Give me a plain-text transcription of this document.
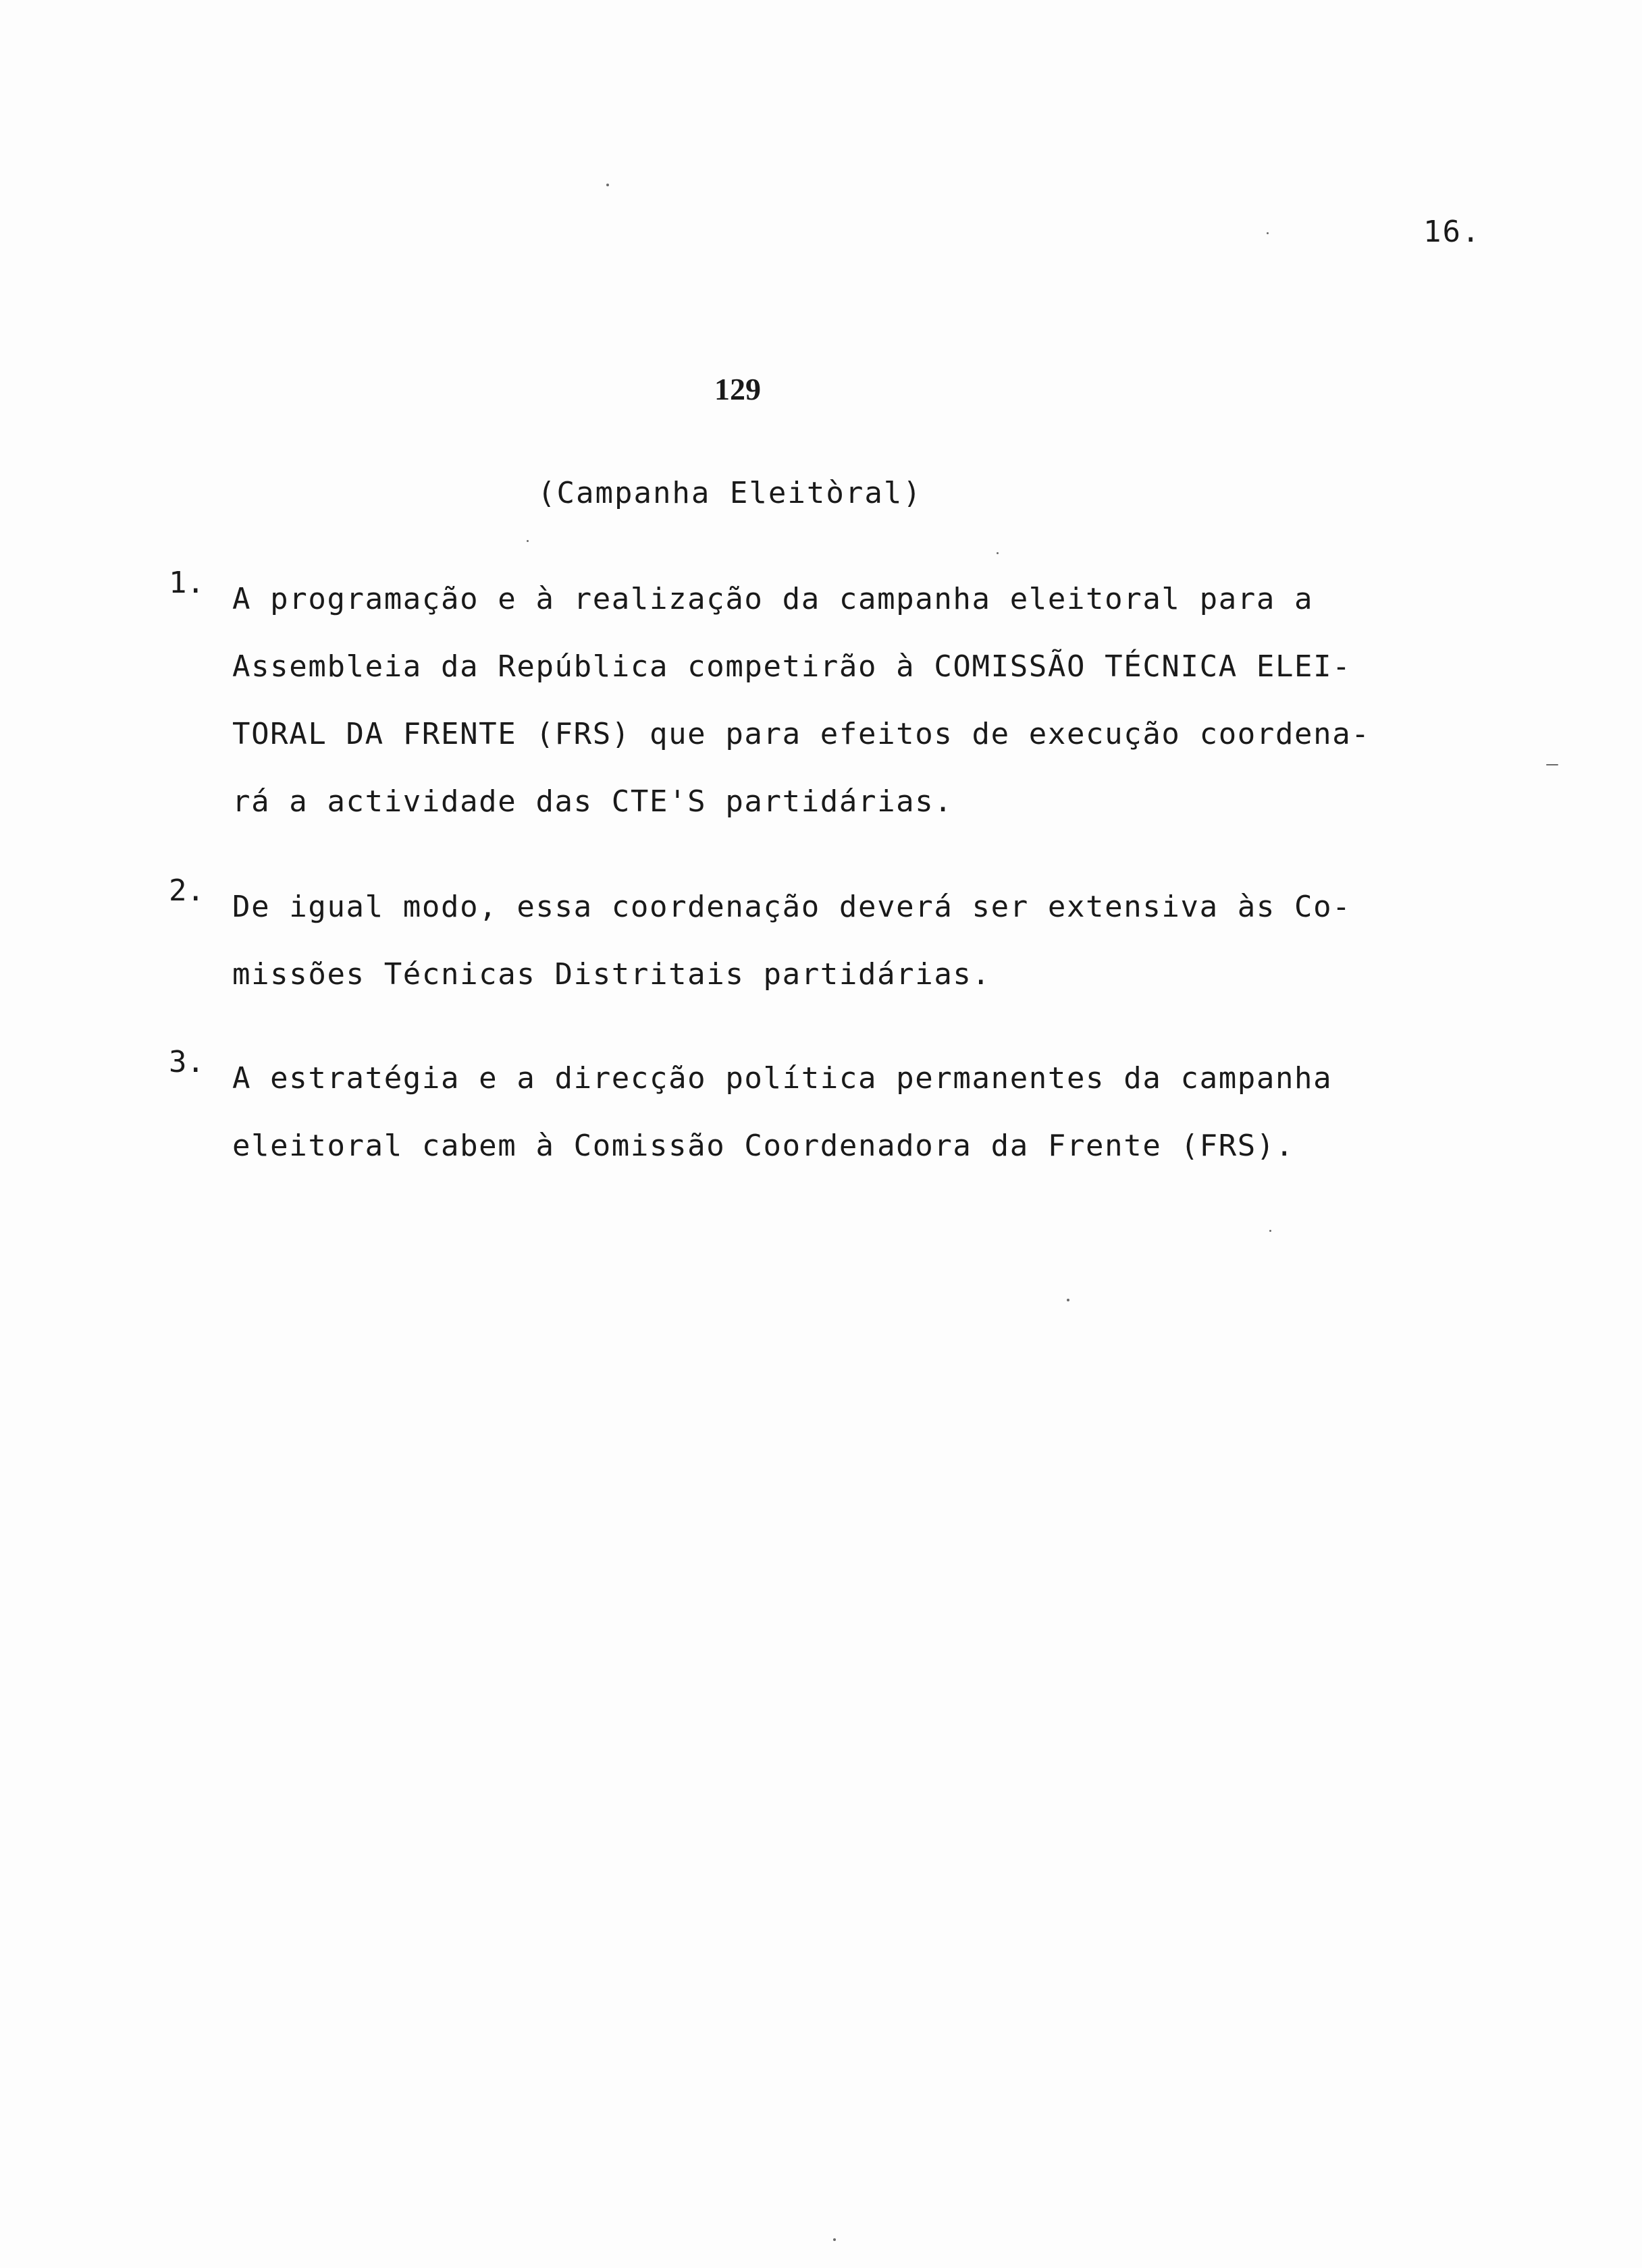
16.
129
(Campanha Eleitòral)
1. A programação e à realização da campanha eleitoral para a
Assembleia da República competirão à COMISSÃO TÉCNICA ELEI-
TORAL DA FRENTE (FRS) que para efeitos de execução coordena-
rá a actividade das CTE'S partidárias.
2. De igual modo, essa coordenação deverá ser extensiva às Co-
missões Técnicas Distritais partidárias.
3. A estratégia e a direcção política permanentes da campanha
eleitoral cabem à Comissão Coordenadora da Frente (FRS).
